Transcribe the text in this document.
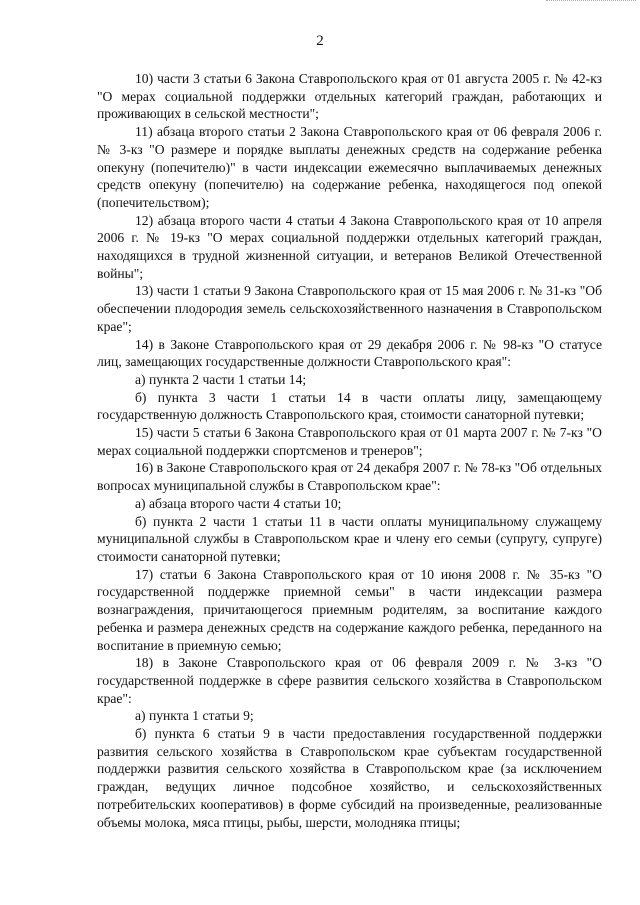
2

10) части 3 статьи 6 Закона Ставропольского края от 01 августа 2005 г. № 42-кз "О мерах социальной поддержки отдельных категорий граждан, работающих и проживающих в сельской местности";

11) абзаца второго статьи 2 Закона Ставропольского края от 06 февраля 2006 г. № 3-кз "О размере и порядке выплаты денежных средств на содержание ребенка опекуну (попечителю)" в части индексации ежемесячно выплачиваемых денежных средств опекуну (попечителю) на содержание ребенка, находящегося под опекой (попечительством);

12) абзаца второго части 4 статьи 4 Закона Ставропольского края от 10 апреля 2006 г. № 19-кз "О мерах социальной поддержки отдельных категорий граждан, находящихся в трудной жизненной ситуации, и ветеранов Великой Отечественной войны";

13) части 1 статьи 9 Закона Ставропольского края от 15 мая 2006 г. № 31-кз "Об обеспечении плодородия земель сельскохозяйственного назначения в Ставропольском крае";

14) в Законе Ставропольского края от 29 декабря 2006 г. № 98-кз "О статусе лиц, замещающих государственные должности Ставропольского края":

а) пункта 2 части 1 статьи 14;

б) пункта 3 части 1 статьи 14 в части оплаты лицу, замещающему государственную должность Ставропольского края, стоимости санаторной путевки;

15) части 5 статьи 6 Закона Ставропольского края от 01 марта 2007 г. № 7-кз "О мерах социальной поддержки спортсменов и тренеров";

16) в Законе Ставропольского края от 24 декабря 2007 г. № 78-кз "Об отдельных вопросах муниципальной службы в Ставропольском крае":

а) абзаца второго части 4 статьи 10;

б) пункта 2 части 1 статьи 11 в части оплаты муниципальному служащему муниципальной службы в Ставропольском крае и члену его семьи (супругу, супруге) стоимости санаторной путевки;

17) статьи 6 Закона Ставропольского края от 10 июня 2008 г. № 35-кз "О государственной поддержке приемной семьи" в части индексации размера вознаграждения, причитающегося приемным родителям, за воспитание каждого ребенка и размера денежных средств на содержание каждого ребенка, переданного на воспитание в приемную семью;

18) в Законе Ставропольского края от 06 февраля 2009 г. № 3-кз "О государственной поддержке в сфере развития сельского хозяйства в Ставропольском крае":

а) пункта 1 статьи 9;

б) пункта 6 статьи 9 в части предоставления государственной поддержки развития сельского хозяйства в Ставропольском крае субъектам государственной поддержки развития сельского хозяйства в Ставропольском крае (за исключением граждан, ведущих личное подсобное хозяйство, и сельскохозяйственных потребительских кооперативов) в форме субсидий на произведенные, реализованные объемы молока, мяса птицы, рыбы, шерсти, молодняка птицы;
